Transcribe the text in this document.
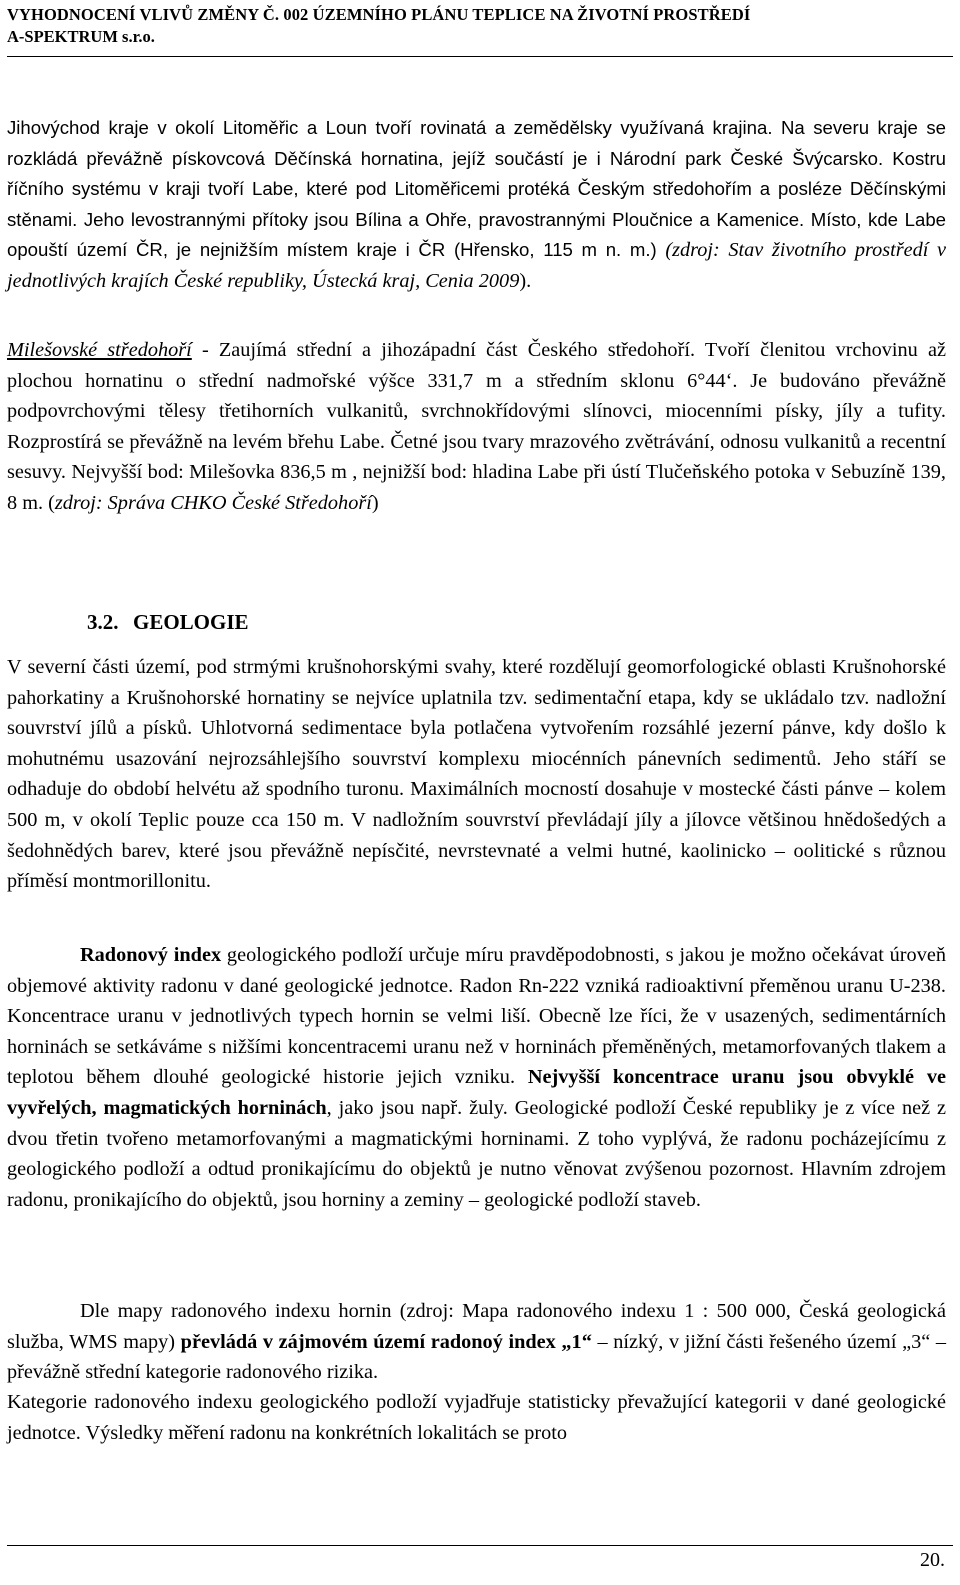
VYHODNOCENÍ VLIVŮ ZMĚNY Č. 002 ÚZEMNÍHO PLÁNU TEPLICE NA ŽIVOTNÍ PROSTŘEDÍ
A-SPEKTRUM s.r.o.
Jihovýchod kraje v okolí Litoměřic a Loun tvoří rovinatá a zemědělsky využívaná krajina. Na severu kraje se rozkládá převážně pískovcová Děčínská hornatina, jejíž součástí je i Národní park České Švýcarsko. Kostru říčního systému v kraji tvoří Labe, které pod Litoměřicemi protéká Českým středohořím a posléze Děčínskými stěnami. Jeho levostrannými přítoky jsou Bílina a Ohře, pravostrannými Ploučnice a Kamenice. Místo, kde Labe opouští území ČR, je nejnižším místem kraje i ČR (Hřensko, 115 m n. m.) (zdroj: Stav životního prostředí v jednotlivých krajích České republiky, Ústecká kraj, Cenia 2009).
Milešovské středohoří - Zaujímá střední a jihozápadní část Českého středohoří. Tvoří členitou vrchovinu až plochou hornatinu o střední nadmořské výšce 331,7 m a středním sklonu 6°44‘. Je budováno převážně podpovrchovými tělesy třetihorních vulkanitů, svrchnokřídovými slínovci, miocenními písky, jíly a tufity. Rozprostírá se převážně na levém břehu Labe. Četné jsou tvary mrazového zvětrávání, odnosu vulkanitů a recentní sesuvy. Nejvyšší bod: Milešovka 836,5 m , nejnižší bod: hladina Labe při ústí Tlučeňského potoka v Sebuzíně 139, 8 m. (zdroj: Správa CHKO České Středohoří)
3.2. GEOLOGIE
V severní části území, pod strmými krušnohorskými svahy, které rozdělují geomorfologické oblasti Krušnohorské pahorkatiny a Krušnohorské hornatiny se nejvíce uplatnila tzv. sedimentační etapa, kdy se ukládalo tzv. nadložní souvrství jílů a písků. Uhlotvorná sedimentace byla potlačena vytvořením rozsáhlé jezerní pánve, kdy došlo k mohutnému usazování nejrozsáhlejšího souvrství komplexu miocénních pánevních sedimentů. Jeho stáří se odhaduje do období helvétu až spodního turonu. Maximálních mocností dosahuje v mostecké části pánve – kolem 500 m, v okolí Teplic pouze cca 150 m. V nadložním souvrství převládají jíly a jílovce většinou hnědošedých a šedohnědých barev, které jsou převážně nepísčité, nevrstevnaté a velmi hutné, kaolinicko – oolitické s různou příměsí montmorillonitu.
Radonový index geologického podloží určuje míru pravděpodobnosti, s jakou je možno očekávat úroveň objemové aktivity radonu v dané geologické jednotce. Radon Rn-222 vzniká radioaktivní přeměnou uranu U-238. Koncentrace uranu v jednotlivých typech hornin se velmi liší. Obecně lze říci, že v usazených, sedimentárních horninách se setkáváme s nižšími koncentracemi uranu než v horninách přeměněných, metamorfovaných tlakem a teplotou během dlouhé geologické historie jejich vzniku. Nejvyšší koncentrace uranu jsou obvyklé ve vyvřelých, magmatických horninách, jako jsou např. žuly. Geologické podloží České republiky je z více než z dvou třetin tvořeno metamorfovanými a magmatickými horninami. Z toho vyplývá, že radonu pocházejícímu z geologického podloží a odtud pronikajícímu do objektů je nutno věnovat zvýšenou pozornost. Hlavním zdrojem radonu, pronikajícího do objektů, jsou horniny a zeminy – geologické podloží staveb.
Dle mapy radonového indexu hornin (zdroj: Mapa radonového indexu 1 : 500 000, Česká geologická služba, WMS mapy) převládá v zájmovém území radonoý index „1“ – nízký, v jižní části řešeného území „3“ – převážně střední kategorie radonového rizika.
Kategorie radonového indexu geologického podloží vyjadřuje statisticky převažující kategorii v dané geologické jednotce. Výsledky měření radonu na konkrétních lokalitách se proto
20.
